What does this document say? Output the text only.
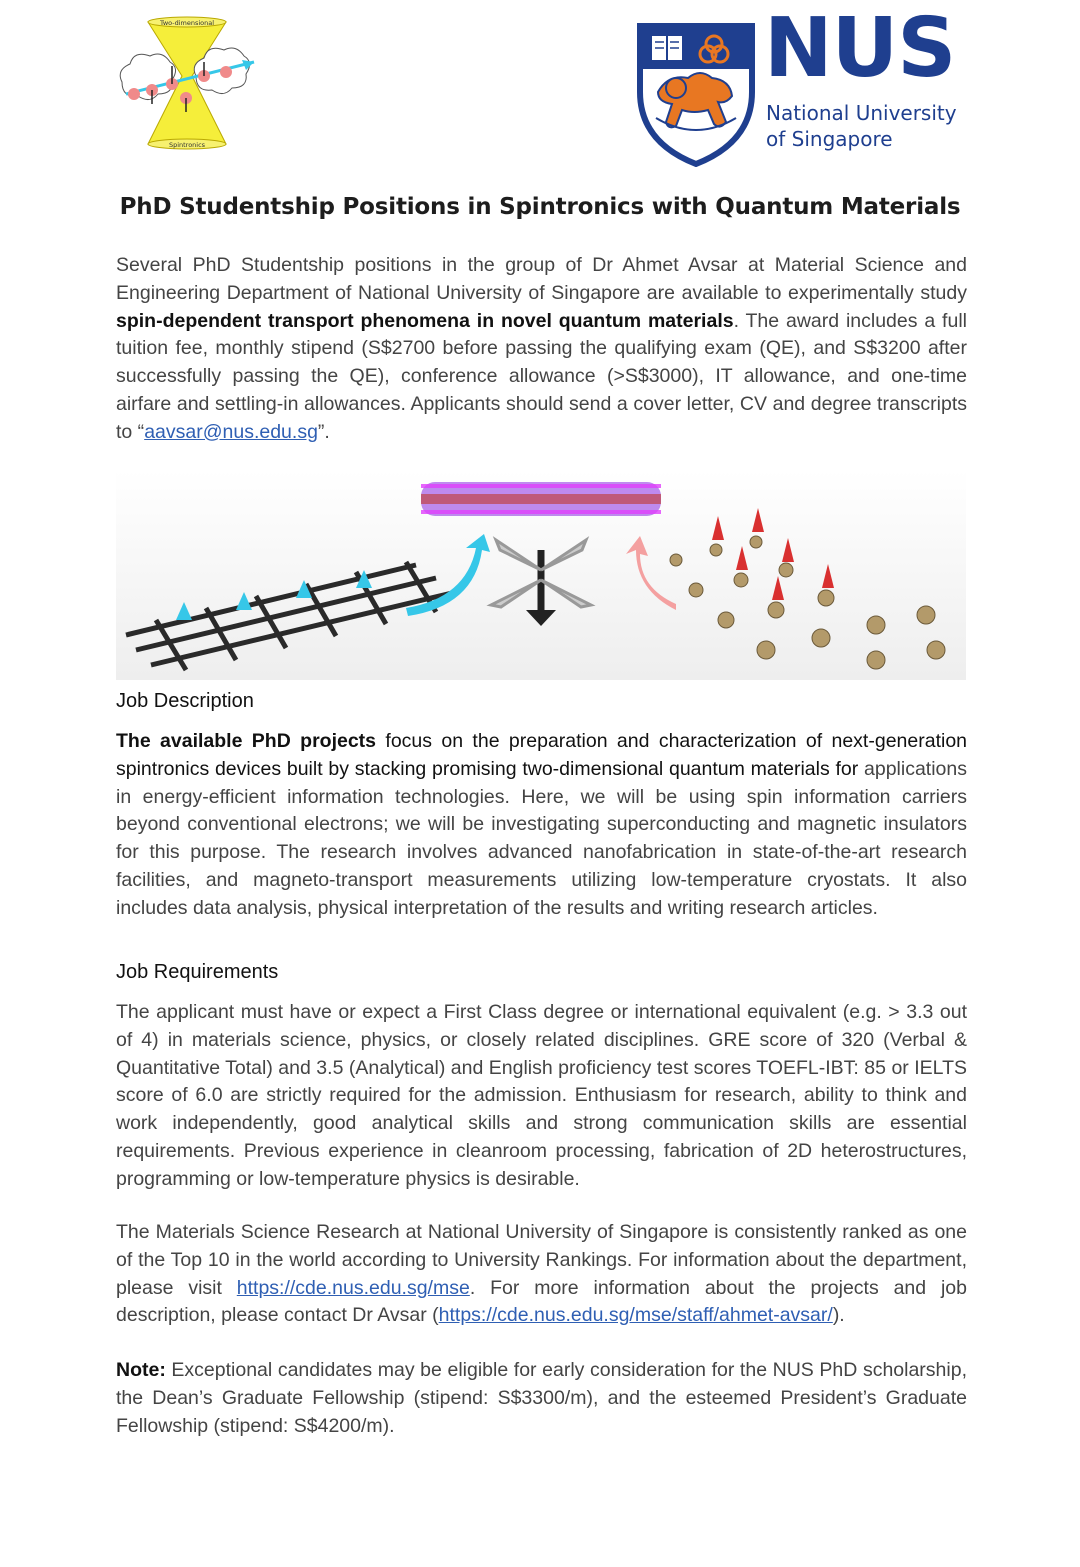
Two-dimensional
Spintronics
NUS
National University
of Singapore
PhD Studentship Positions in Spintronics with Quantum Materials

Several PhD Studentship positions in the group of Dr Ahmet Avsar at Material Science and Engineering Department of National University of Singapore are available to experimentally study spin-dependent transport phenomena in novel quantum materials. The award includes a full tuition fee, monthly stipend (S$2700 before passing the qualifying exam (QE), and S$3200 after successfully passing the QE), conference allowance (>S$3000), IT allowance, and one-time airfare and settling-in allowances. Applicants should send a cover letter, CV and degree transcripts to “aavsar@nus.edu.sg”.

Job Description

The available PhD projects focus on the preparation and characterization of next-generation spintronics devices built by stacking promising two-dimensional quantum materials for applications in energy-efficient information technologies. Here, we will be using spin information carriers beyond conventional electrons; we will be investigating superconducting and magnetic insulators for this purpose. The research involves advanced nanofabrication in state-of-the-art research facilities, and magneto-transport measurements utilizing low-temperature cryostats. It also includes data analysis, physical interpretation of the results and writing research articles.

Job Requirements

The applicant must have or expect a First Class degree or international equivalent (e.g. > 3.3 out of 4) in materials science, physics, or closely related disciplines. GRE score of 320 (Verbal & Quantitative Total) and 3.5 (Analytical) and English proficiency test scores TOEFL-IBT: 85 or IELTS score of 6.0 are strictly required for the admission. Enthusiasm for research, ability to think and work independently, good analytical skills and strong communication skills are essential requirements. Previous experience in cleanroom processing, fabrication of 2D heterostructures, programming or low-temperature physics is desirable.

The Materials Science Research at National University of Singapore is consistently ranked as one of the Top 10 in the world according to University Rankings. For information about the department, please visit https://cde.nus.edu.sg/mse. For more information about the projects and job description, please contact Dr Avsar (https://cde.nus.edu.sg/mse/staff/ahmet-avsar/).

Note: Exceptional candidates may be eligible for early consideration for the NUS PhD scholarship, the Dean’s Graduate Fellowship (stipend: S$3300/m), and the esteemed President’s Graduate Fellowship (stipend: S$4200/m).
